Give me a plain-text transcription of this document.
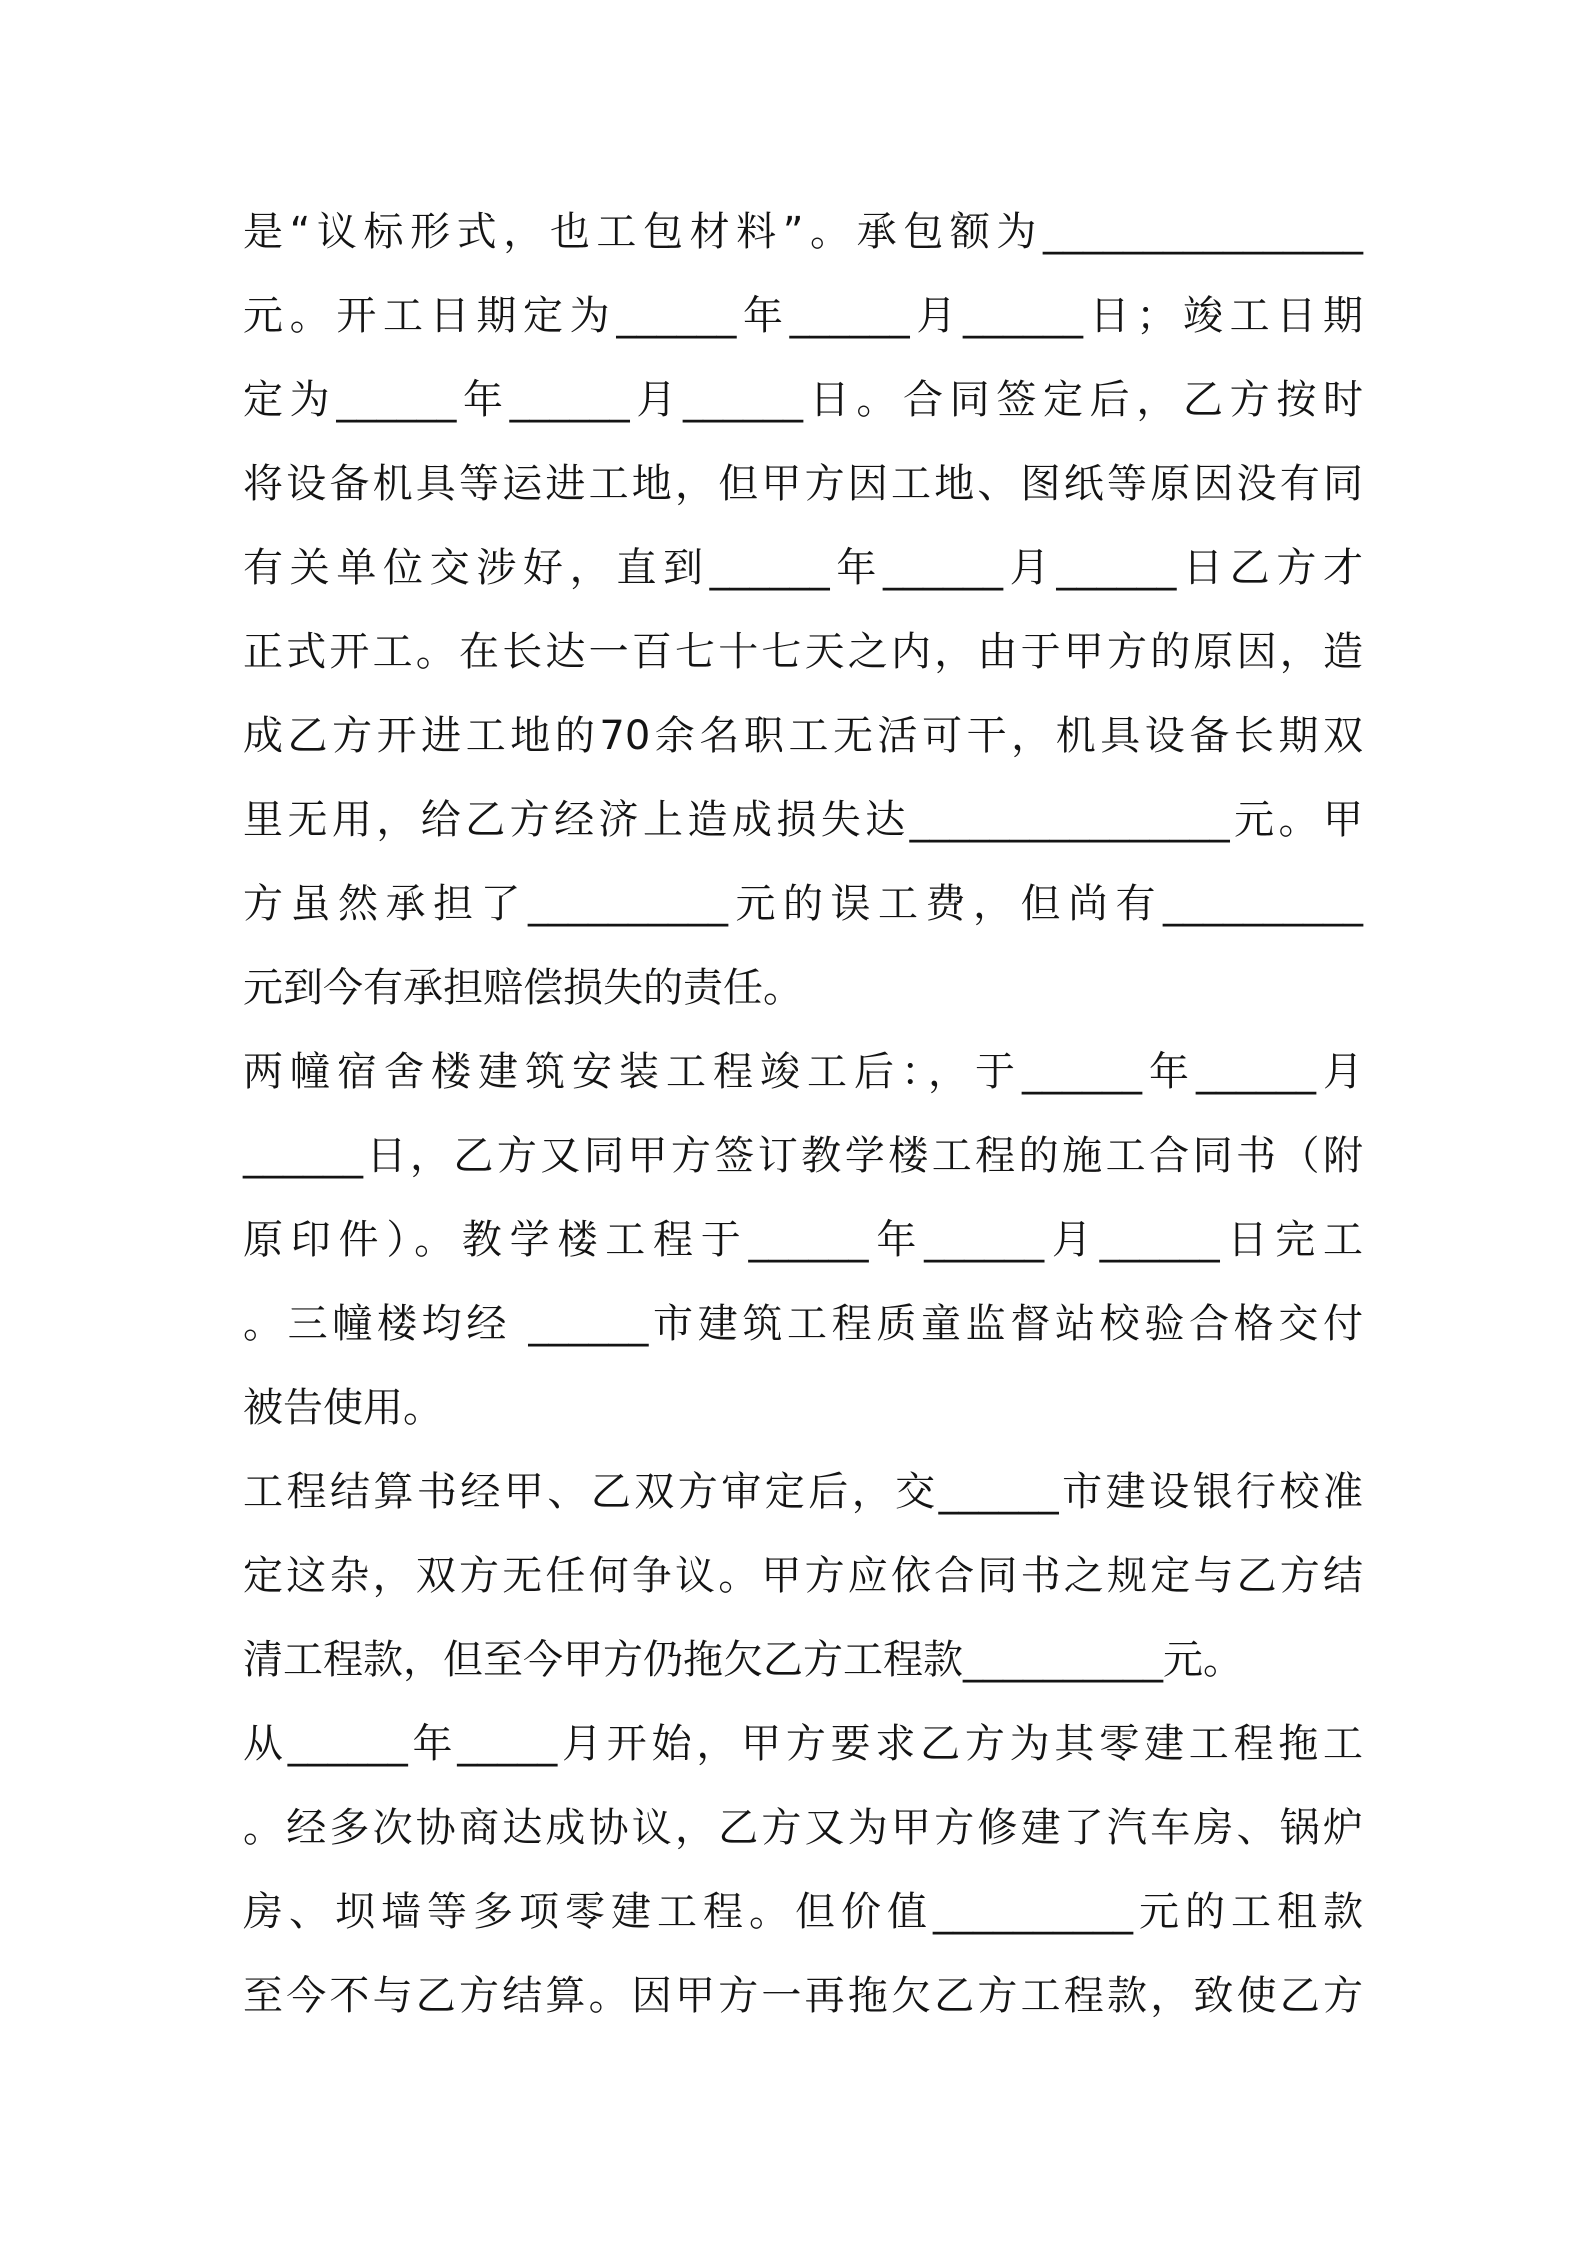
是“议标形式，也工包材料”。承包额为________________
元。开工日期定为______年______月______日；竣工日期
定为______年______月______日。合同签定后，乙方按时
将设备机具等运进工地，但甲方因工地、图纸等原因没有同
有关单位交涉好，直到______年______月______日乙方才
正式开工。在长达一百七十七天之内，由于甲方的原因，造
成乙方开进工地的70余名职工无活可干，机具设备长期双
里无用，给乙方经济上造成损失达________________元。甲
方虽然承担了__________元的误工费，但尚有__________
元到今有承担赔偿损失的责任。
两幢宿舍楼建筑安装工程竣工后：，于______年______月
______日，乙方又同甲方签订教学楼工程的施工合同书（附
原印件）。教学楼工程于______年______月______日完工
。三幢楼均经 ______市建筑工程质童监督站校验合格交付
被告使用。
工程结算书经甲、乙双方审定后，交______市建设银行校准
定这杂，双方无任何争议。甲方应依合同书之规定与乙方结
清工程款，但至今甲方仍拖欠乙方工程款__________元。
从______年_____月开始，甲方要求乙方为其零建工程拖工
。经多次协商达成协议，乙方又为甲方修建了汽车房、锅炉
房、坝墙等多项零建工程。但价值__________元的工租款
至今不与乙方结算。因甲方一再拖欠乙方工程款，致使乙方
